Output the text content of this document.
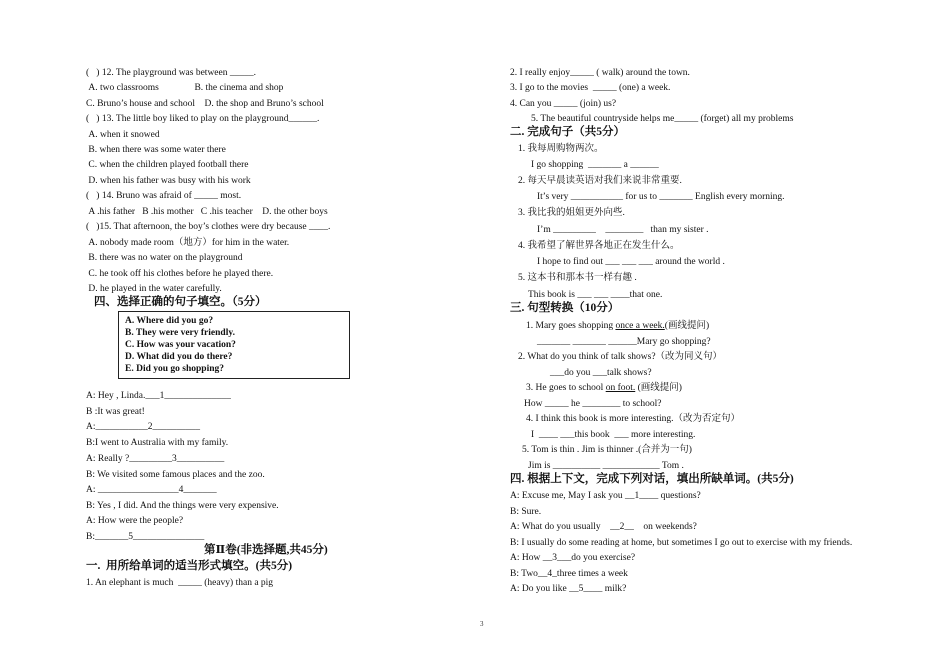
(   ) 12. The playground was between _____.
A. two classrooms               B. the cinema and shop
C. Bruno’s house and school    D. the shop and Bruno’s school
(   ) 13. The little boy liked to play on the playground______.
A. when it snowed
B. when there was some water there
C. when the children played football there
D. when his father was busy with his work
(   ) 14. Bruno was afraid of _____ most.
A .his father   B .his mother   C .his teacher    D. the other boys
(   )15. That afternoon, the boy’s clothes were dry because ____.
A. nobody made room（地方）for him in the water.
B. there was no water on the playground
C. he took off his clothes before he played there.
D. he played in the water carefully.
四、选择正确的句子填空。（5分）
A. Where did you go?
B. They were very friendly.
C. How was your vacation?
D. What did you do there?
E. Did you go shopping?
A: Hey , Linda.___1______________
B :It was great!
A:___________2__________
B:I went to Australia with my family.
A: Really ?_________3__________
B: We visited some famous places and the zoo.
A: _________________4_______
B: Yes , I did. And the things were very expensive.
A: How were the people?
B:_______5_______________
第Ⅱ卷(非选择题,共45分)
一.  用所给单词的适当形式填空。(共5分)
1. An elephant is much  _____ (heavy) than a pig
2. I really enjoy_____ ( walk) around the town.
3. I go to the movies  _____ (one) a week.
4. Can you _____ (join) us?
5. The beautiful countryside helps me_____ (forget) all my problems
二. 完成句子（共5分）
1. 我每周购物两次。
I go shopping  _______ a ______
2. 每天早晨读英语对我们来说非常重要.
It’s very ___________ for us to _______ English every morning.
3. 我比我的姐姐更外向些.
I’m _________    ________   than my sister .
4. 我希望了解世界各地正在发生什么。
I hope to find out ___ ___ ___ around the world .
5. 这本书和那本书一样有趣 .
This book is ___ ___ ____that one.
三. 句型转换（10分）
1. Mary goes shopping once a week.(画线提问)
_______ _______ ______Mary go shopping?
2. What do you think of talk shows?（改为同义句）
___do you ___talk shows?
3. He goes to school on foot. (画线提问)
How _____ he ________ to school?
4. I think this book is more interesting.（改为否定句）
I  ____ ___this book  ___ more interesting.
5. Tom is thin . Jim is thinner .(合并为一句)
Jim is __________ ____________ Tom .
四. 根据上下文，完成下列对话，填出所缺单词。(共5分)
A: Excuse me, May I ask you __1____ questions?
B: Sure.
A: What do you usually    __2__    on weekends?
B: I usually do some reading at home, but sometimes I go out to exercise with my friends.
A: How __3___do you exercise?
B: Two__4_three times a week
A: Do you like __5____ milk?
3
